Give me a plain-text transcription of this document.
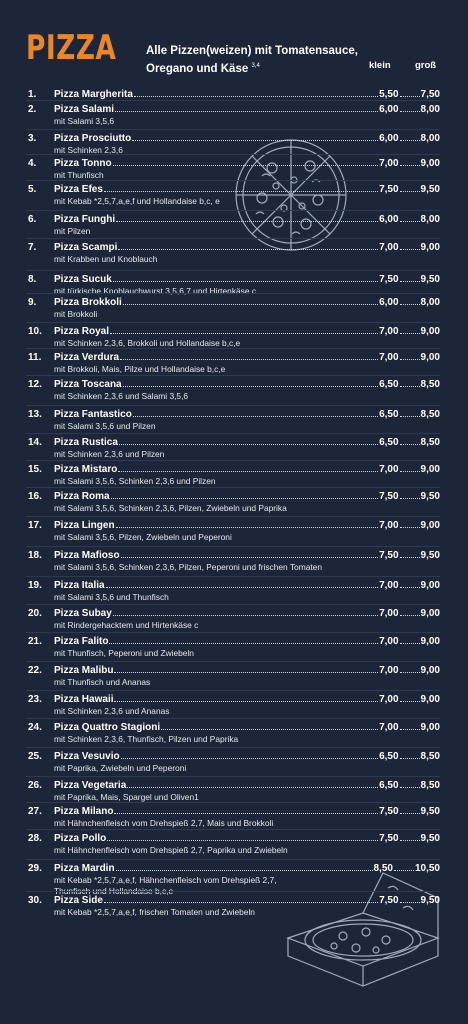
PIZZA	Alle Pizzen(weizen) mit Tomatensauce,
Oregano und Käse $^{3,4}$	klein	groß
1. Pizza Margherita	5,50 7,50
2. Pizza Salami	6,00 8,00
mit Salami 3,5,6
3. Pizza Prosciutto	6,00 8,00
mit Schinken 2,3,6
4. Pizza Tonno	7,00 9,00
mit Thunfisch
5. Pizza Efes	7,50 9,50
mit Kebab *2,5,7,a,e,f und Hollandaise b,c, e
6. Pizza Funghi	6,00 8,00
mit Pilzen
7. Pizza Scampi	7,00 9,00
mit Krabben und Knoblauch
8. Pizza Sucuk	7,50 9,50
mit türkische Knoblauchwurst 3,5,6,7 und Hirtenkäse c
9. Pizza Brokkoli	6,00 8,00
mit Brokkoli
10. Pizza Royal	7,00 9,00
mit Schinken 2,3,6, Brokkoli und Hollandaise b,c,e
11. Pizza Verdura	7,00 9,00
mit Brokkoli, Mais, Pilze und Hollandaise b,c,e
12. Pizza Toscana	6,50 8,50
mit Schinken 2,3,6 und Salami 3,5,6
13. Pizza Fantastico	6,50 8,50
mit Salami 3,5,6 und Pilzen
14. Pizza Rustica	6,50 8,50
mit Schinken 2,3,6 und Pilzen
15. Pizza Mistaro	7,00 9,00
mit Salami 3,5,6, Schinken 2,3,6 und Pilzen
16. Pizza Roma	7,50 9,50
mit Salami 3,5,6, Schinken 2,3,6, Pilzen, Zwiebeln und Paprika
17. Pizza Lingen	7,00 9,00
mit Salami 3,5,6, Pilzen, Zwiebeln und Peperoni
18. Pizza Mafioso	7,50 9,50
mit Salami 3,5,6, Schinken 2,3,6, Pilzen, Peperoni und frischen Tomaten
19. Pizza Italia	7,00 9,00
mit Salami 3,5,6 und Thunfisch
20. Pizza Subay	7,00 9,00
mit Rindergehacktem und Hirtenkäse c
21. Pizza Falito	7,00 9,00
mit Thunfisch, Peperoni und Zwiebeln
22. Pizza Malibu	7,00 9,00
mit Thunfisch und Ananas
23. Pizza Hawaii	7,00 9,00
mit Schinken 2,3,6 und Ananas
24. Pizza Quattro Stagioni	7,00 9,00
mit Schinken 2,3,6, Thunfisch, Pilzen und Paprika
25. Pizza Vesuvio	6,50 8,50
mit Paprika, Zwiebeln und Peperoni
26. Pizza Vegetaria	6,50 8,50
mit Paprika, Mais, Spargel und Oliven1
27. Pizza Milano	7,50 9,50
mit Hähnchenfleisch vom Drehspieß 2,7, Mais und Brokkoli
28. Pizza Pollo	7,50 9,50
mit Hähnchenfleisch vom Drehspieß 2,7, Paprika und Zwiebeln
29. Pizza Mardin	8,50 10,50
mit Kebab *2,5,7,a,e,f, Hähnchenfleisch vom Drehspieß 2,7,
Thunfisch und Hollandaise b,c,e
30. Pizza Side	7,50 9,50
mit Kebab *2,5,7,a,e,f, frischen Tomaten und Zwiebeln
